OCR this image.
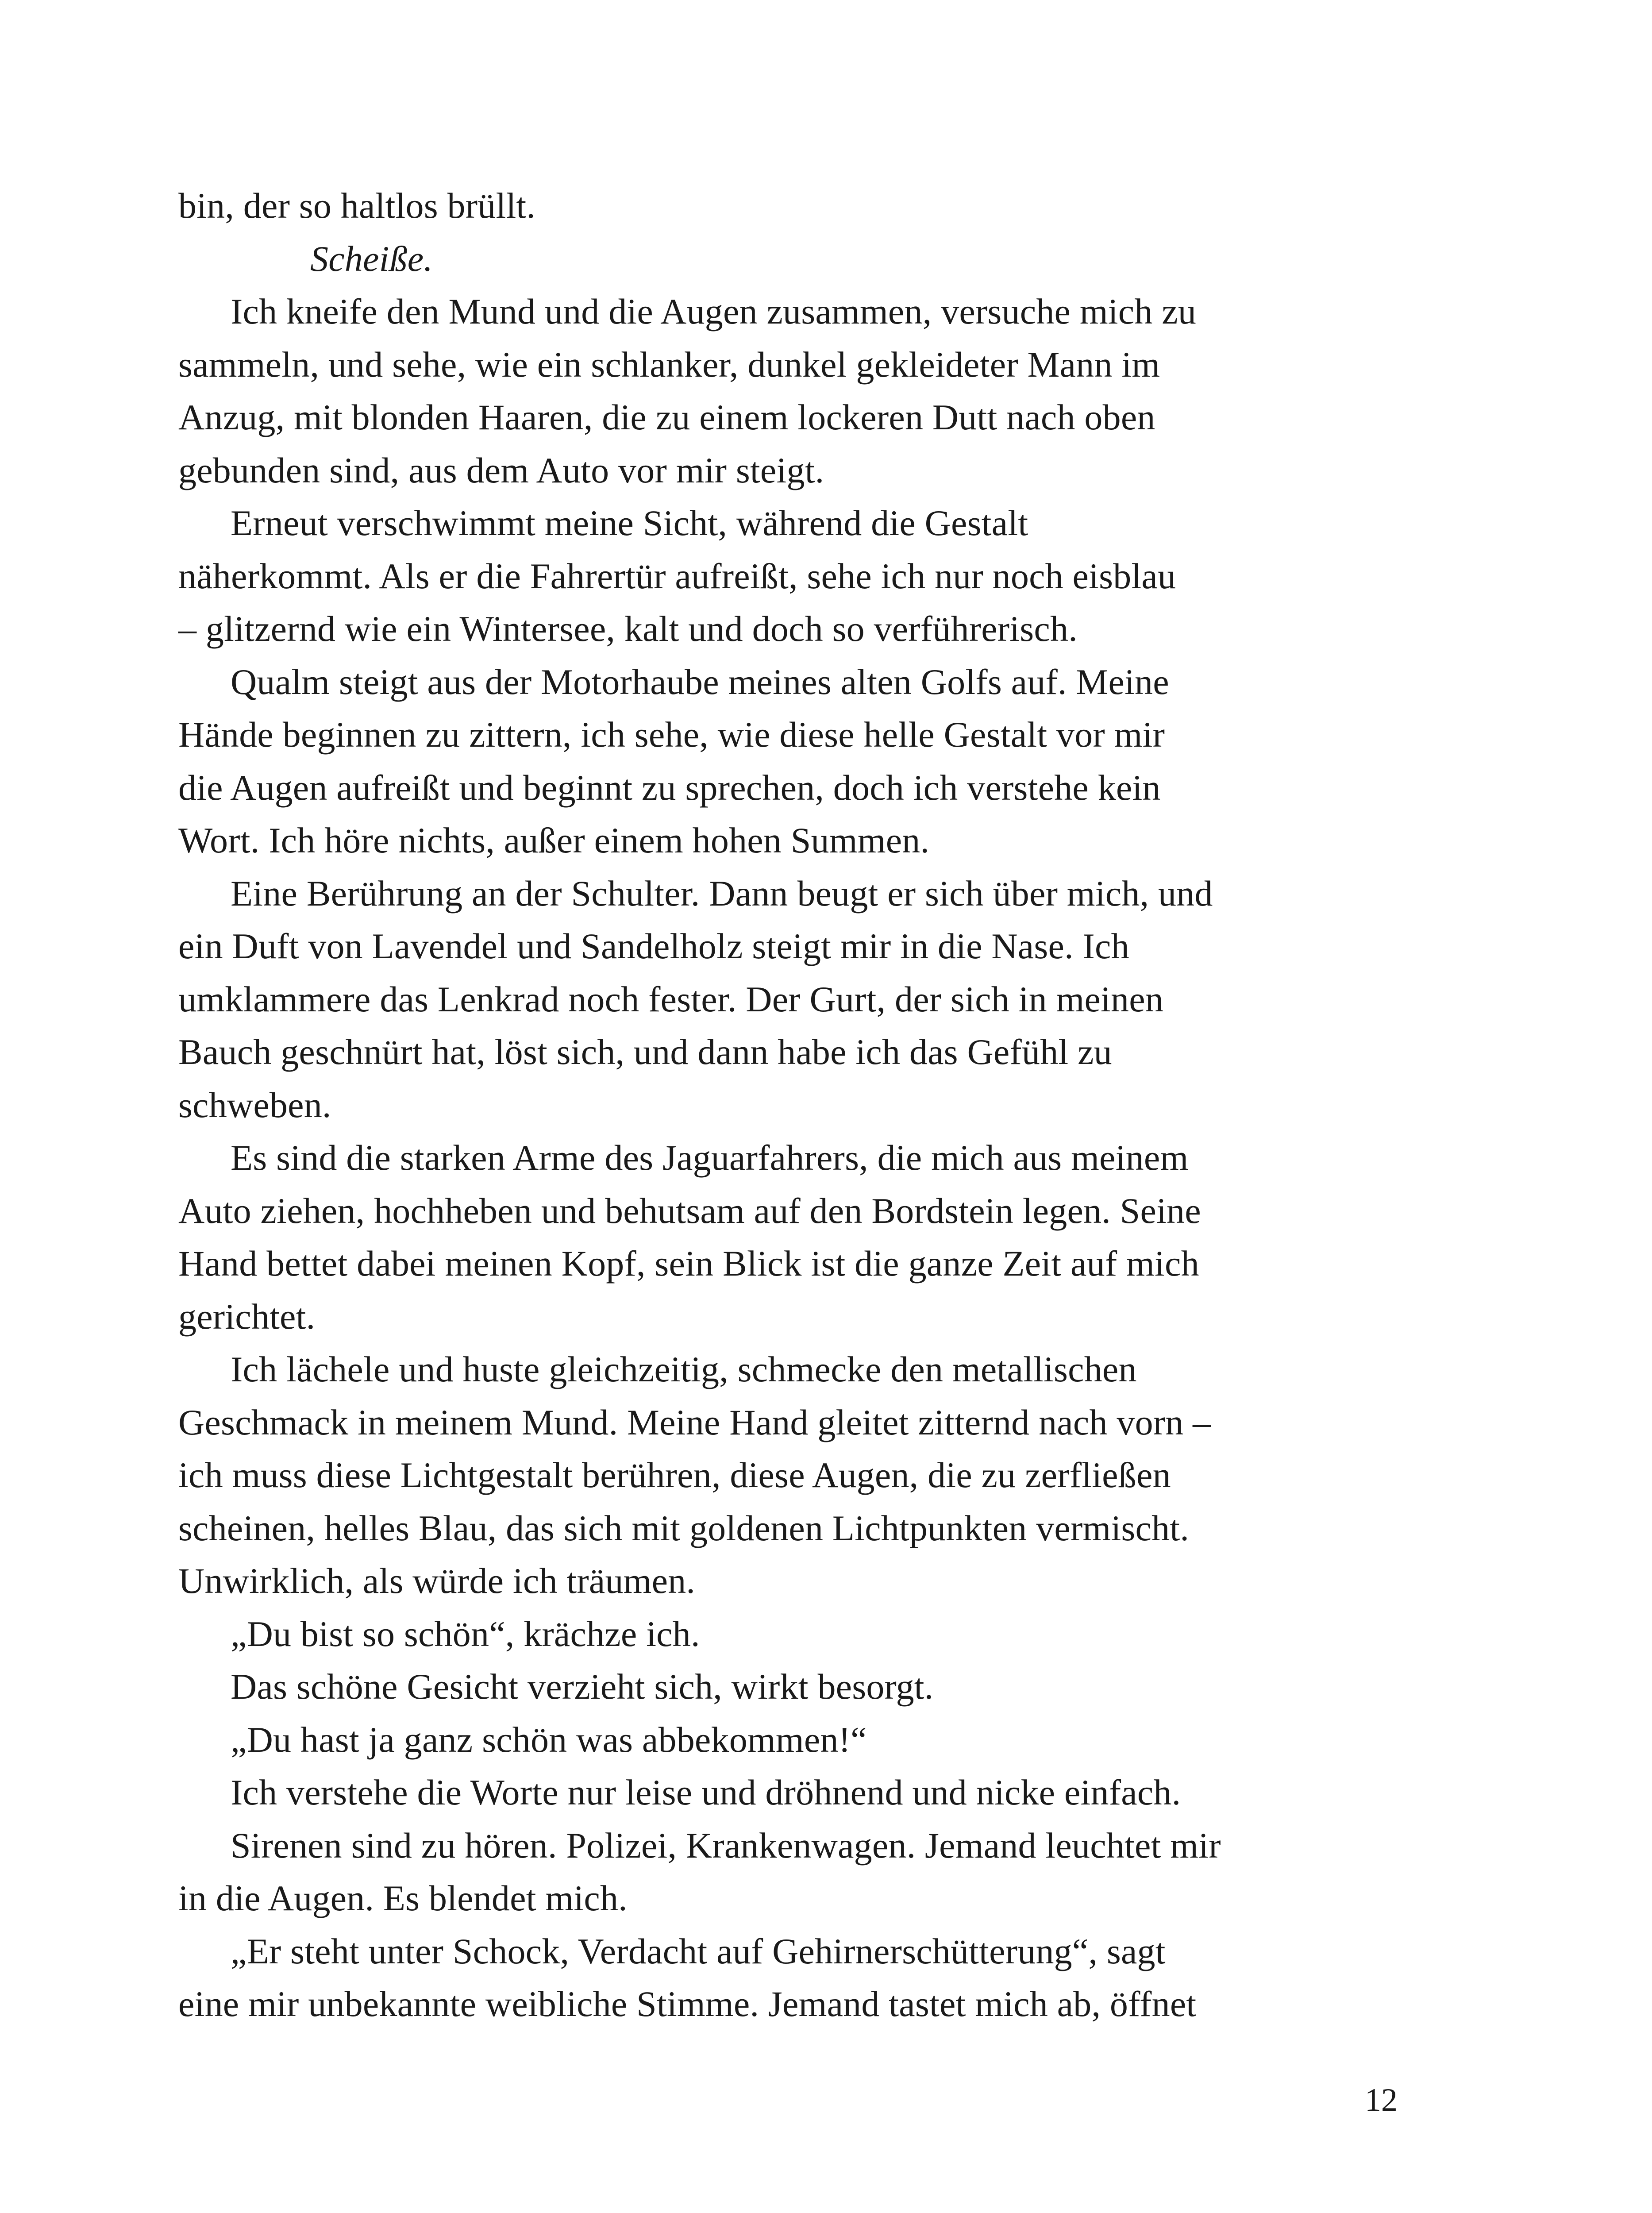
bin, der so haltlos brüllt.
Scheiße.
Ich kneife den Mund und die Augen zusammen, versuche mich zu
sammeln, und sehe, wie ein schlanker, dunkel gekleideter Mann im
Anzug, mit blonden Haaren, die zu einem lockeren Dutt nach oben
gebunden sind, aus dem Auto vor mir steigt.
Erneut verschwimmt meine Sicht, während die Gestalt
näherkommt. Als er die Fahrertür aufreißt, sehe ich nur noch eisblau
– glitzernd wie ein Wintersee, kalt und doch so verführerisch.
Qualm steigt aus der Motorhaube meines alten Golfs auf. Meine
Hände beginnen zu zittern, ich sehe, wie diese helle Gestalt vor mir
die Augen aufreißt und beginnt zu sprechen, doch ich verstehe kein
Wort. Ich höre nichts, außer einem hohen Summen.
Eine Berührung an der Schulter. Dann beugt er sich über mich, und
ein Duft von Lavendel und Sandelholz steigt mir in die Nase. Ich
umklammere das Lenkrad noch fester. Der Gurt, der sich in meinen
Bauch geschnürt hat, löst sich, und dann habe ich das Gefühl zu
schweben.
Es sind die starken Arme des Jaguarfahrers, die mich aus meinem
Auto ziehen, hochheben und behutsam auf den Bordstein legen. Seine
Hand bettet dabei meinen Kopf, sein Blick ist die ganze Zeit auf mich
gerichtet.
Ich lächele und huste gleichzeitig, schmecke den metallischen
Geschmack in meinem Mund. Meine Hand gleitet zitternd nach vorn –
ich muss diese Lichtgestalt berühren, diese Augen, die zu zerfließen
scheinen, helles Blau, das sich mit goldenen Lichtpunkten vermischt.
Unwirklich, als würde ich träumen.
„Du bist so schön“, krächze ich.
Das schöne Gesicht verzieht sich, wirkt besorgt.
„Du hast ja ganz schön was abbekommen!“
Ich verstehe die Worte nur leise und dröhnend und nicke einfach.
Sirenen sind zu hören. Polizei, Krankenwagen. Jemand leuchtet mir
in die Augen. Es blendet mich.
„Er steht unter Schock, Verdacht auf Gehirnerschütterung“, sagt
eine mir unbekannte weibliche Stimme. Jemand tastet mich ab, öffnet
12
